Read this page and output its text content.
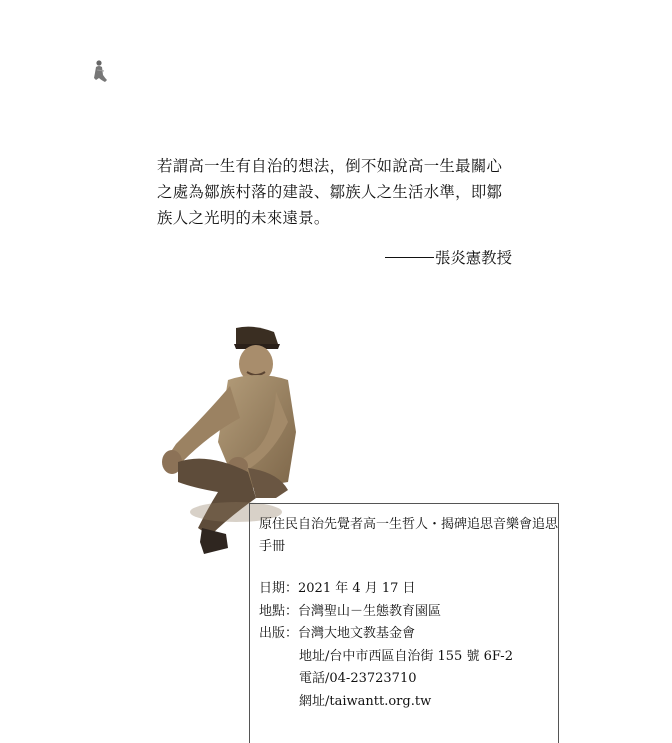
若謂高一生有自治的想法，倒不如說高一生最關心

之處為鄒族村落的建設、鄒族人之生活水準，即鄒

族人之光明的未來遠景。

張炎憲教授

原住民自治先覺者高一生哲人・揭碑追思音樂會追思手冊

日期：2021 年 4 月 17 日

地點：台灣聖山－生態教育園區

出版：台灣大地文教基金會

地址/台中市西區自治街 155 號 6F-2

電話/04-23723710

網址/taiwantt.org.tw
